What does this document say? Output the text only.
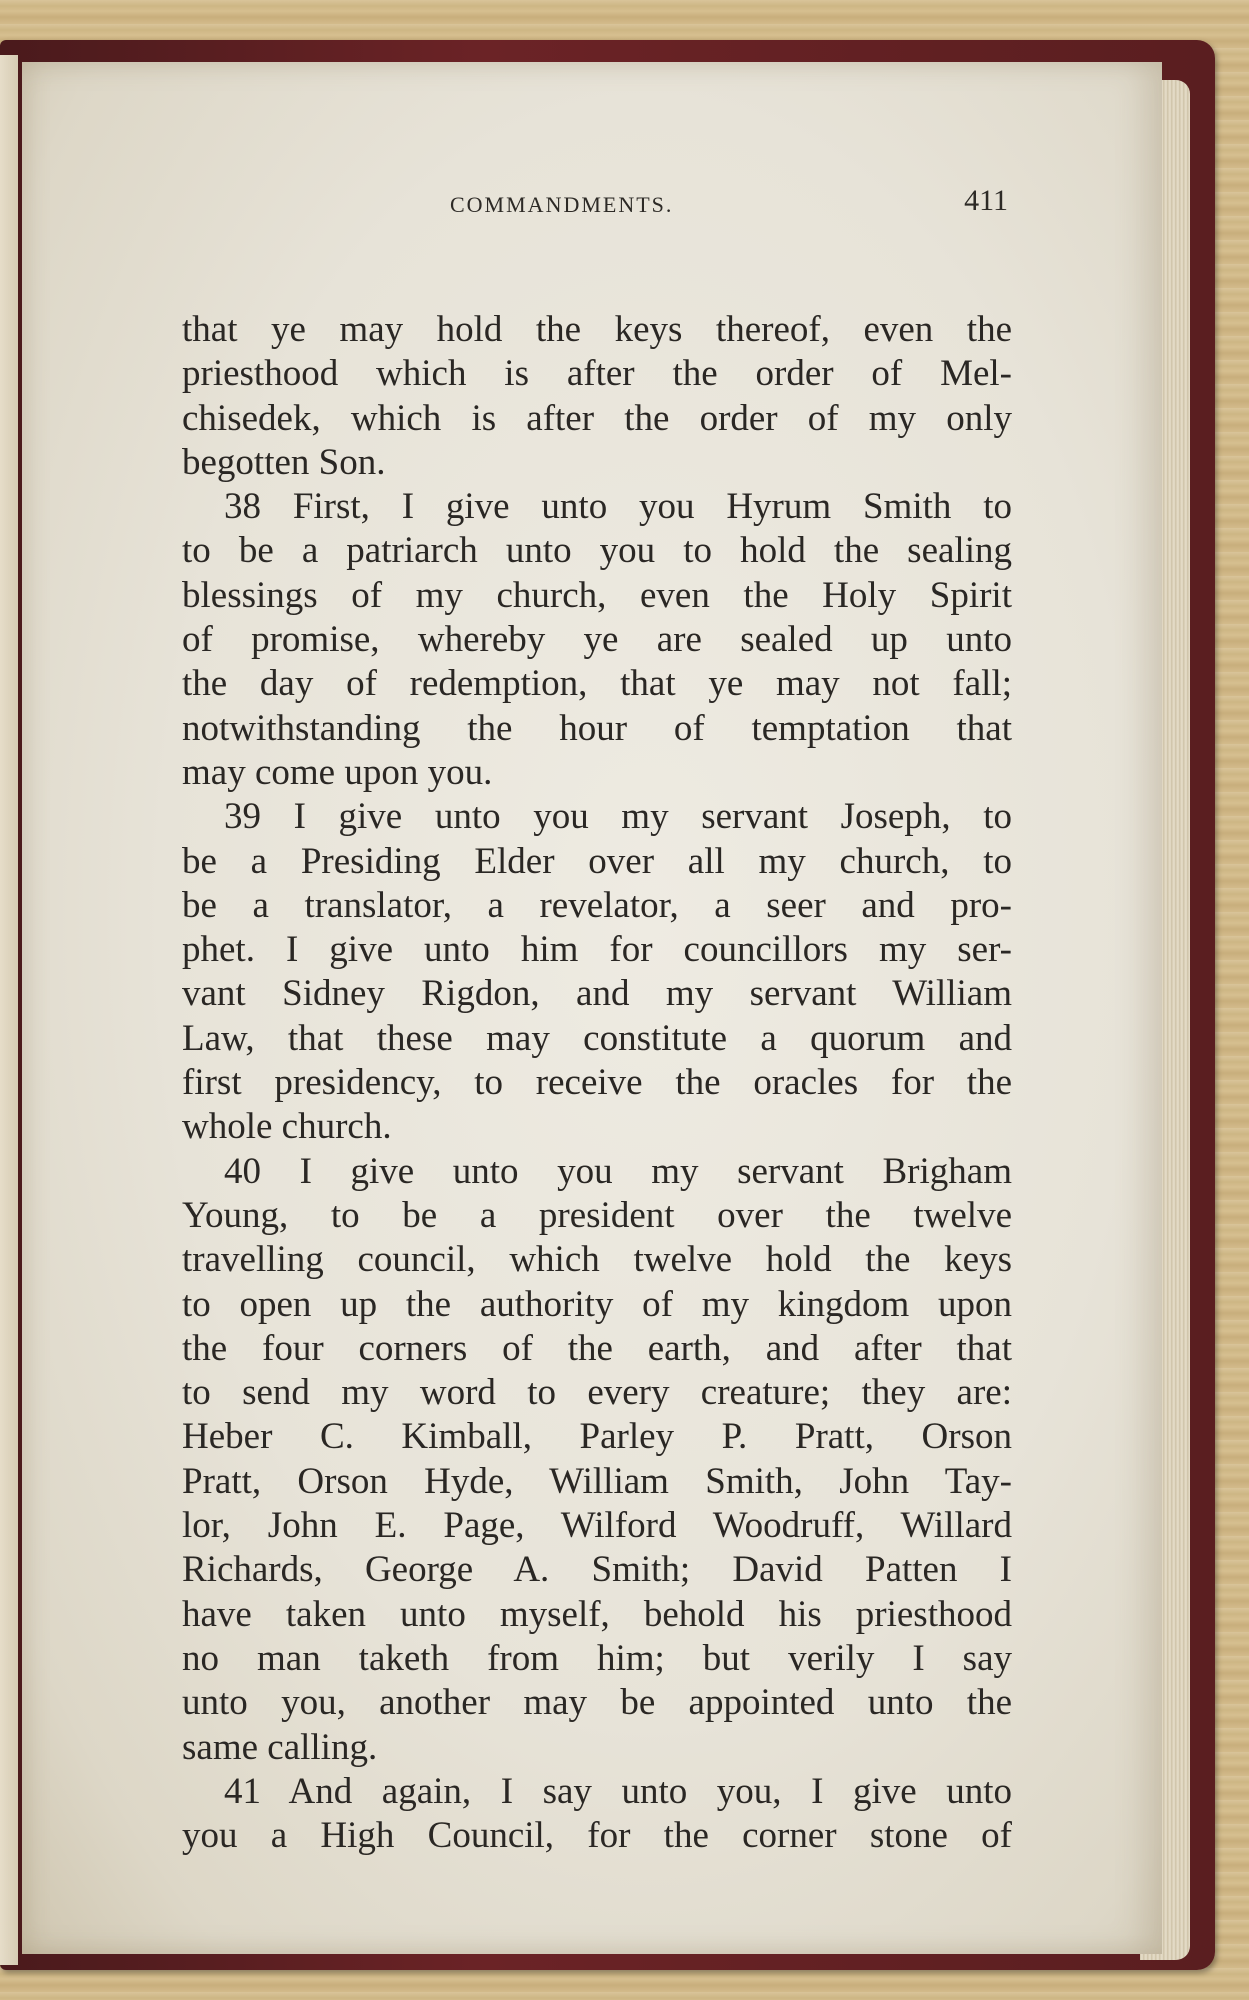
COMMANDMENTS.	411
that ye may hold the keys thereof, even the
priesthood which is after the order of Mel-
chisedek, which is after the order of my only
begotten Son.
38 First, I give unto you Hyrum Smith to
to be a patriarch unto you to hold the sealing
blessings of my church, even the Holy Spirit
of promise, whereby ye are sealed up unto
the day of redemption, that ye may not fall;
notwithstanding the hour of temptation that
may come upon you.
39 I give unto you my servant Joseph, to
be a Presiding Elder over all my church, to
be a translator, a revelator, a seer and pro-
phet. I give unto him for councillors my ser-
vant Sidney Rigdon, and my servant William
Law, that these may constitute a quorum and
first presidency, to receive the oracles for the
whole church.
40 I give unto you my servant Brigham
Young, to be a president over the twelve
travelling council, which twelve hold the keys
to open up the authority of my kingdom upon
the four corners of the earth, and after that
to send my word to every creature; they are:
Heber C. Kimball, Parley P. Pratt, Orson
Pratt, Orson Hyde, William Smith, John Tay-
lor, John E. Page, Wilford Woodruff, Willard
Richards, George A. Smith; David Patten I
have taken unto myself, behold his priesthood
no man taketh from him; but verily I say
unto you, another may be appointed unto the
same calling.
41 And again, I say unto you, I give unto
you a High Council, for the corner stone of
